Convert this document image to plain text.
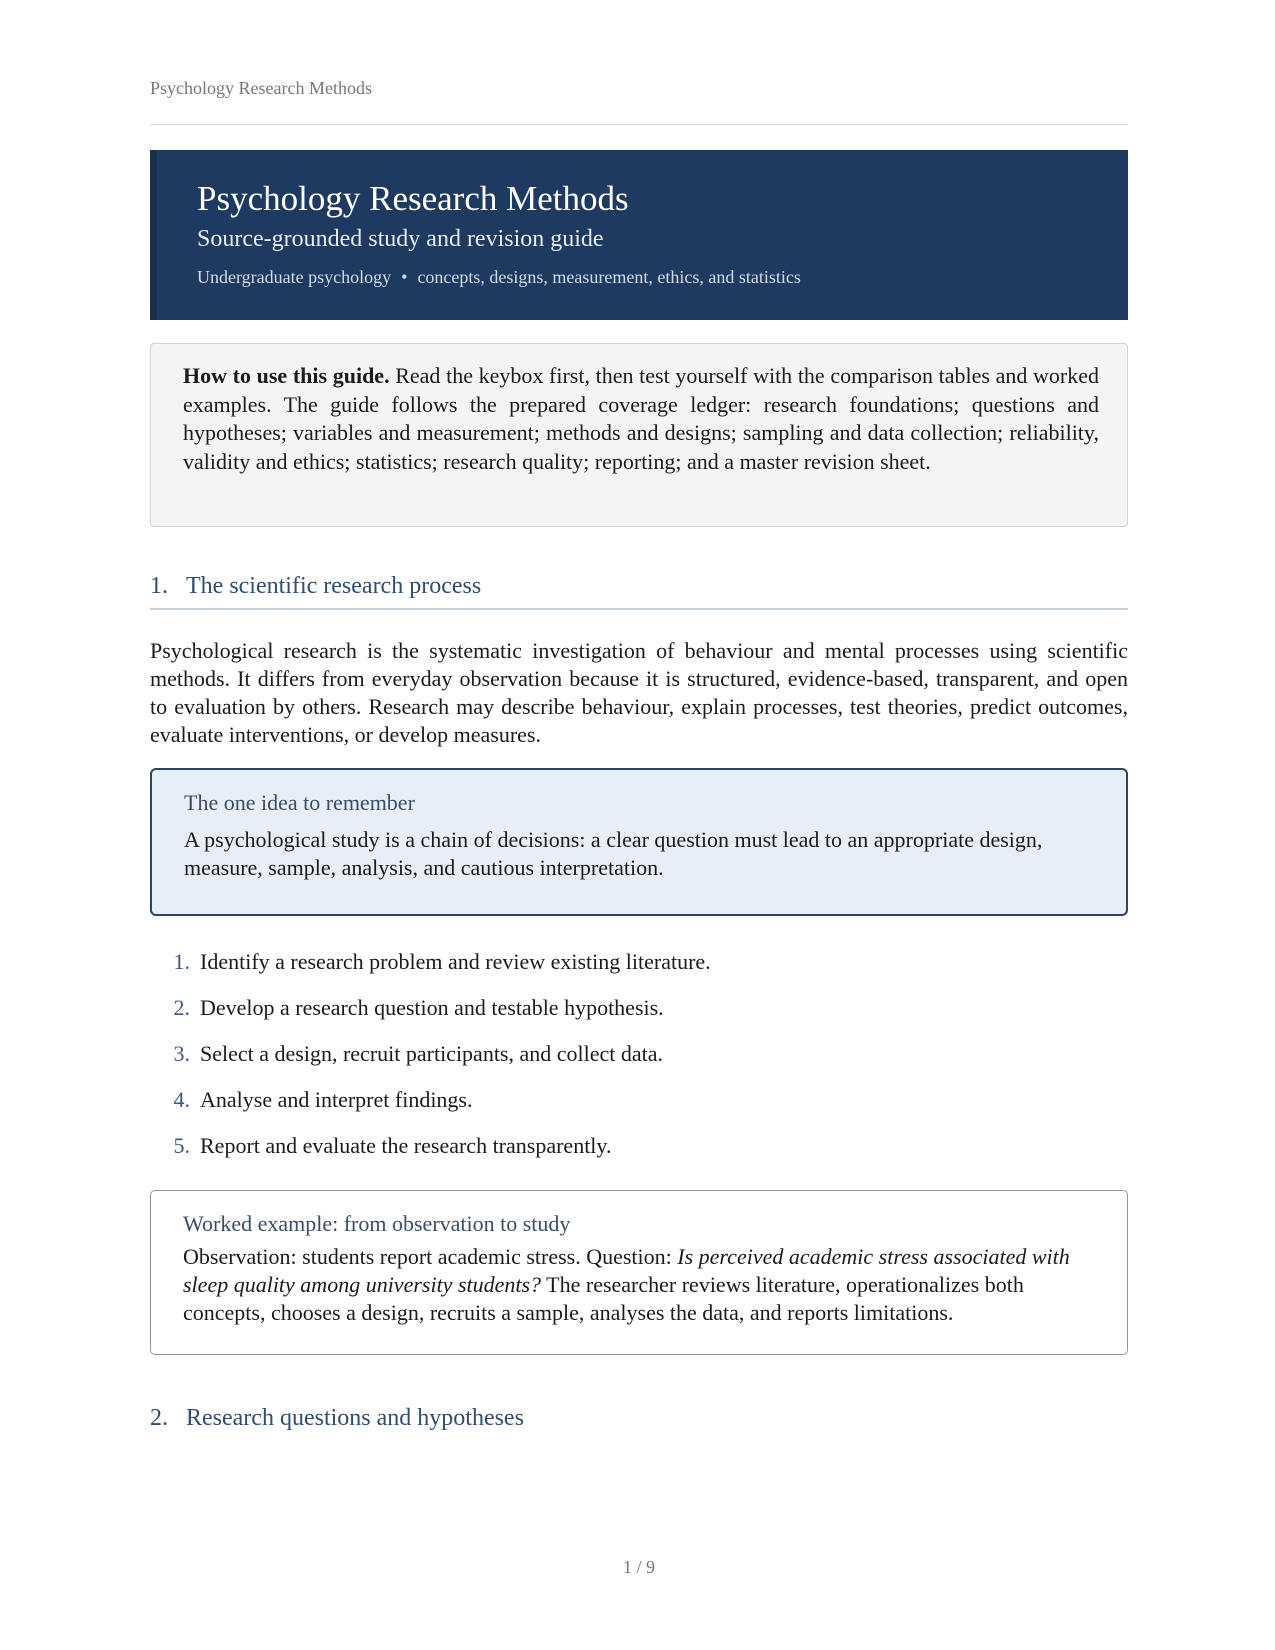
Psychology Research Methods
Psychology Research Methods
Source-grounded study and revision guide
Undergraduate psychology • concepts, designs, measurement, ethics, and statistics
How to use this guide. Read the keybox first, then test yourself with the comparison tables and worked examples. The guide follows the prepared coverage ledger: research foundations; questions and hypotheses; variables and measurement; methods and designs; sampling and data collection; reliability, validity and ethics; statistics; research quality; reporting; and a master revision sheet.
1. The scientific research process
Psychological research is the systematic investigation of behaviour and mental processes using scientific methods. It differs from everyday observation because it is structured, evidence-based, transparent, and open to evaluation by others. Research may describe behaviour, explain processes, test theories, predict outcomes, evaluate interventions, or develop measures.
The one idea to remember
A psychological study is a chain of decisions: a clear question must lead to an appropriate design, measure, sample, analysis, and cautious interpretation.
1. Identify a research problem and review existing literature.
2. Develop a research question and testable hypothesis.
3. Select a design, recruit participants, and collect data.
4. Analyse and interpret findings.
5. Report and evaluate the research transparently.
Worked example: from observation to study
Observation: students report academic stress. Question: Is perceived academic stress associated with sleep quality among university students? The researcher reviews literature, operationalizes both concepts, chooses a design, recruits a sample, analyses the data, and reports limitations.
2. Research questions and hypotheses
1 / 9
